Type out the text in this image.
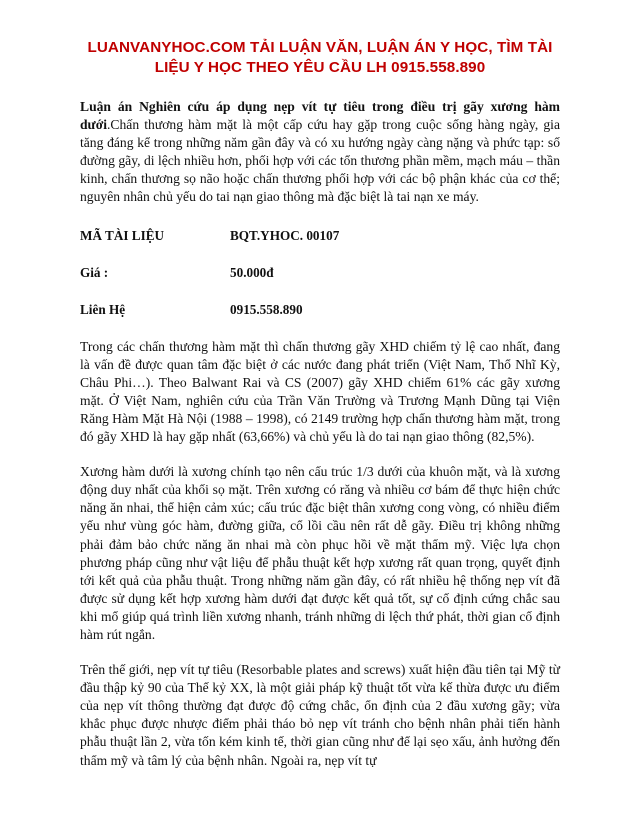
LUANVANYHOC.COM TẢI LUẬN VĂN, LUẬN ÁN Y HỌC, TÌM TÀI
LIỆU Y HỌC THEO YÊU CẦU LH 0915.558.890

Luận án Nghiên cứu áp dụng nẹp vít tự tiêu trong điều trị gãy xương hàm dưới.Chấn thương hàm mặt là một cấp cứu hay gặp trong cuộc sống hàng ngày, gia tăng đáng kể trong những năm gần đây và có xu hướng ngày càng nặng và phức tạp: số đường gãy, di lệch nhiều hơn, phối hợp với các tổn thương phần mềm, mạch máu – thần kinh, chấn thương sọ não hoặc chấn thương phối hợp với các bộ phận khác của cơ thể; nguyên nhân chủ yếu do tai nạn giao thông mà đặc biệt là tai nạn xe máy.

MÃ TÀI LIỆU	BQT.YHOC. 00107
Giá :	50.000đ
Liên Hệ	0915.558.890

Trong các chấn thương hàm mặt thì chấn thương gãy XHD chiếm tỷ lệ cao nhất, đang là vấn đề được quan tâm đặc biệt ở các nước đang phát triển (Việt Nam, Thổ Nhĩ Kỳ, Châu Phi…). Theo Balwant Rai và CS (2007) gãy XHD chiếm 61% các gãy xương mặt. Ở Việt Nam, nghiên cứu của Trần Văn Trường và Trương Mạnh Dũng tại Viện Răng Hàm Mặt Hà Nội (1988 – 1998), có 2149 trường hợp chấn thương hàm mặt, trong đó gãy XHD là hay gặp nhất (63,66%) và chủ yếu là do tai nạn giao thông (82,5%).

Xương hàm dưới là xương chính tạo nên cấu trúc 1/3 dưới của khuôn mặt, và là xương động duy nhất của khối sọ mặt. Trên xương có răng và nhiều cơ bám để thực hiện chức năng ăn nhai, thể hiện cảm xúc; cấu trúc đặc biệt thân xương cong vòng, có nhiều điểm yếu như vùng góc hàm, đường giữa, cổ lồi cầu nên rất dễ gãy. Điều trị không những phải đảm bảo chức năng ăn nhai mà còn phục hồi về mặt thẩm mỹ. Việc lựa chọn phương pháp cũng như vật liệu để phẫu thuật kết hợp xương rất quan trọng, quyết định tới kết quả của phẫu thuật. Trong những năm gần đây, có rất nhiều hệ thống nẹp vít đã được sử dụng kết hợp xương hàm dưới đạt được kết quả tốt, sự cố định cứng chắc sau khi mổ giúp quá trình liền xương nhanh, tránh những di lệch thứ phát, thời gian cố định hàm rút ngắn.

Trên thế giới, nẹp vít tự tiêu (Resorbable plates and screws) xuất hiện đầu tiên tại Mỹ từ đầu thập kỷ 90 của Thế kỷ XX, là một giải pháp kỹ thuật tốt vừa kế thừa được ưu điểm của nẹp vít thông thường đạt được độ cứng chắc, ổn định của 2 đầu xương gãy; vừa khắc phục được nhược điểm phải tháo bỏ nẹp vít tránh cho bệnh nhân phải tiến hành phẫu thuật lần 2, vừa tốn kém kinh tế, thời gian cũng như để lại sẹo xấu, ảnh hưởng đến thẩm mỹ và tâm lý của bệnh nhân. Ngoài ra, nẹp vít tự
